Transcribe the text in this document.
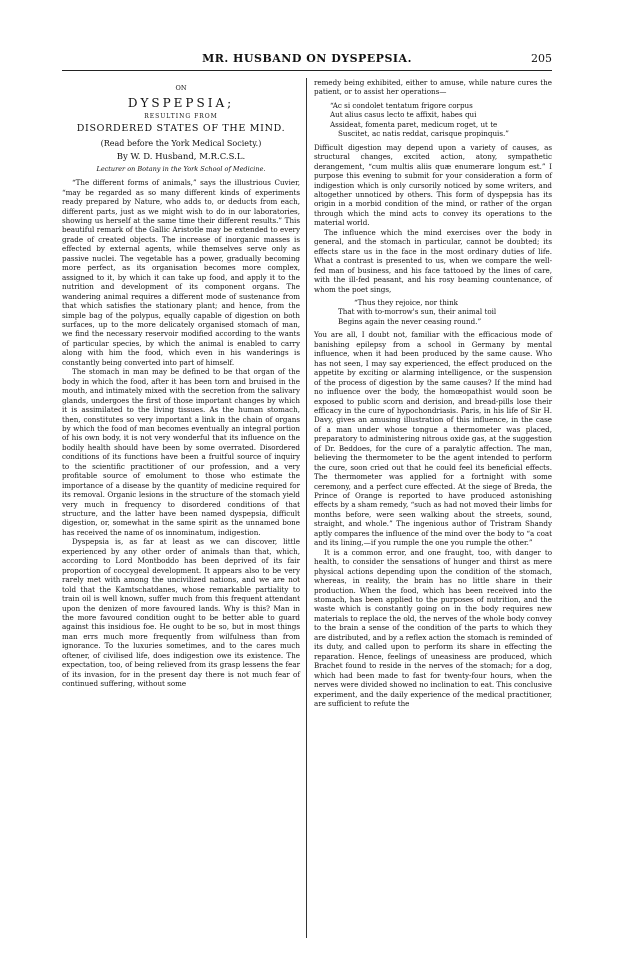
MR. HUSBAND ON DYSPEPSIA.	205

ON

DYSPEPSIA;

RESULTING FROM

DISORDERED STATES OF THE MIND.

(Read before the York Medical Society.)

By W. D. Husband, M.R.C.S.L.

Lecturer on Botany in the York School of Medicine.

“The different forms of animals,” says the illustrious Cuvier, “may be regarded as so many different kinds of experiments ready prepared by Nature, who adds to, or deducts from each, different parts, just as we might wish to do in our laboratories, showing us herself at the same time their different results.” This beautiful remark of the Gallic Aristotle may be extended to every grade of created objects. The increase of inorganic masses is effected by external agents, while themselves serve only as passive nuclei. The vegetable has a power, gradually becoming more perfect, as its organisation becomes more complex, assigned to it, by which it can take up food, and apply it to the nutrition and development of its component organs. The wandering animal requires a different mode of sustenance from that which satisfies the stationary plant; and hence, from the simple bag of the polypus, equally capable of digestion on both surfaces, up to the more delicately organised stomach of man, we find the necessary reservoir modified according to the wants of particular species, by which the animal is enabled to carry along with him the food, which even in his wanderings is constantly being converted into part of himself.

The stomach in man may be defined to be that organ of the body in which the food, after it has been torn and bruised in the mouth, and intimately mixed with the secretion from the salivary glands, undergoes the first of those important changes by which it is assimilated to the living tissues. As the human stomach, then, constitutes so very important a link in the chain of organs by which the food of man becomes eventually an integral portion of his own body, it is not very wonderful that its influence on the bodily health should have been by some overrated. Disordered conditions of its functions have been a fruitful source of inquiry to the scientific practitioner of our profession, and a very profitable source of emolument to those who estimate the importance of a disease by the quantity of medicine required for its removal. Organic lesions in the structure of the stomach yield very much in frequency to disordered conditions of that structure, and the latter have been named dyspepsia, difficult digestion, or, somewhat in the same spirit as the unnamed bone has received the name of os innominatum, indigestion.

Dyspepsia is, as far at least as we can discover, little experienced by any other order of animals than that, which, according to Lord Montboddo has been deprived of its fair proportion of coccygeal development. It appears also to be very rarely met with among the uncivilized nations, and we are not told that the Kamtschatdanes, whose remarkable partiality to train oil is well known, suffer much from this frequent attendant upon the denizen of more favoured lands. Why is this? Man in the more favoured condition ought to be better able to guard against this insidious foe. He ought to be so, but in most things man errs much more frequently from wilfulness than from ignorance. To the luxuries sometimes, and to the cares much oftener, of civilised life, does indigestion owe its existence. The expectation, too, of being relieved from its grasp lessens the fear of its invasion, for in the present day there is not much fear of continued suffering, without some

remedy being exhibited, either to amuse, while nature cures the patient, or to assist her operations—

“Ac si condolet tentatum frigore corpus

Aut alius casus lecto te affixit, habes qui

Assideat, fomenta paret, medicum roget, ut te

Suscitet, ac natis reddat, carisque propinquis.”

Difficult digestion may depend upon a variety of causes, as structural changes, excited action, atony, sympathetic derangement, “cum multis aliis quæ enumerare longum est.” I purpose this evening to submit for your consideration a form of indigestion which is only cursorily noticed by some writers, and altogether unnoticed by others. This form of dyspepsia has its origin in a morbid condition of the mind, or rather of the organ through which the mind acts to convey its operations to the material world.

The influence which the mind exercises over the body in general, and the stomach in particular, cannot be doubted; its effects stare us in the face in the most ordinary duties of life. What a contrast is presented to us, when we compare the well-fed man of business, and his face tattooed by the lines of care, with the ill-fed peasant, and his rosy beaming countenance, of whom the poet sings,

“Thus they rejoice, nor think

That with to-morrow's sun, their animal toil

Begins again the never ceasing round.”

You are all, I doubt not, familiar with the efficacious mode of banishing epilepsy from a school in Germany by mental influence, when it had been produced by the same cause. Who has not seen, I may say experienced, the effect produced on the appetite by exciting or alarming intelligence, or the suspension of the process of digestion by the same causes? If the mind had no influence over the body, the homœopathist would soon be exposed to public scorn and derision, and bread-pills lose their efficacy in the cure of hypochondriasis. Paris, in his life of Sir H. Davy, gives an amusing illustration of this influence, in the case of a man under whose tongue a thermometer was placed, preparatory to administering nitrous oxide gas, at the suggestion of Dr. Beddoes, for the cure of a paralytic affection. The man, believing the thermometer to be the agent intended to perform the cure, soon cried out that he could feel its beneficial effects. The thermometer was applied for a fortnight with some ceremony, and a perfect cure effected. At the siege of Breda, the Prince of Orange is reported to have produced astonishing effects by a sham remedy, “such as had not moved their limbs for months before, were seen walking about the streets, sound, straight, and whole.” The ingenious author of Tristram Shandy aptly compares the influence of the mind over the body to “a coat and its lining,—if you rumple the one you rumple the other.”

It is a common error, and one fraught, too, with danger to health, to consider the sensations of hunger and thirst as mere physical actions depending upon the condition of the stomach, whereas, in reality, the brain has no little share in their production. When the food, which has been received into the stomach, has been applied to the purposes of nutrition, and the waste which is constantly going on in the body requires new materials to replace the old, the nerves of the whole body convey to the brain a sense of the condition of the parts to which they are distributed, and by a reflex action the stomach is reminded of its duty, and called upon to perform its share in effecting the reparation. Hence, feelings of uneasiness are produced, which Brachet found to reside in the nerves of the stomach; for a dog, which had been made to fast for twenty-four hours, when the nerves were divided showed no inclination to eat. This conclusive experiment, and the daily experience of the medical practitioner, are sufficient to refute the
